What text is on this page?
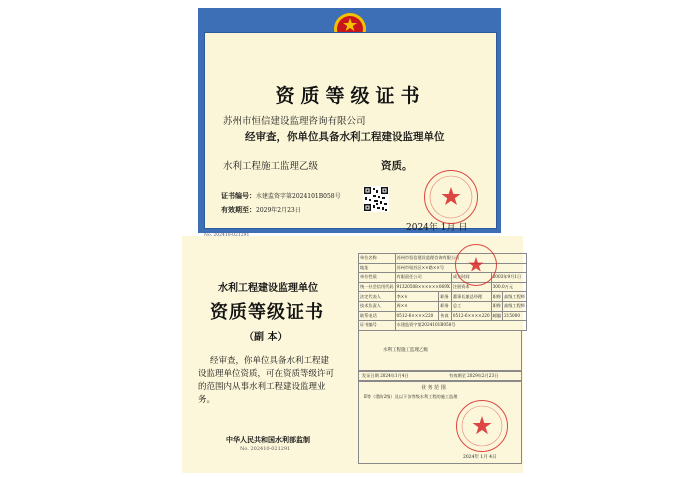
资质等级证书
苏州市恒信建设监理咨询有限公司
经审查，你单位具备水利工程建设监理单位
水利工程施工监理乙级	资质。
证书编号：水建监资字第2024101B058号
有效期至：2029年2月23日
2024年 1月 日
水利工程建设监理单位
资质等级证书
（副 本）
经审查，你单位具备水利工程建
设监理单位资质，可在资质等级许可
的范围内从事水利工程建设监理业
务。
中华人民共和国水利部监制
No. 202410-021291
单位名称	苏州市恒信建设监理咨询有限公司				
地址	苏州市姑苏区××路××号				
单位性质	有限责任公司		成立时间	2003年9月1日	
统一社会信用代码	91320508××××××069X		注册资本	300.0万元	
法定代表人	李××	职务	董事长兼总经理	职称	高级工程师
技术负责人	周××	职务	总工	职称	高级工程师
联系电话	0512-6××××220	传真	0512-6××××220	邮编	215000
证书编号	水建监资字第2024101B058号				
水利工程施工监理乙级
发证日期 2024年1月4日	有效期至 2029年2月23日
业 务 范 围
Ⅱ等（堤防2级）及以下各等级水利工程的施工监理
2024年 1月 4日
